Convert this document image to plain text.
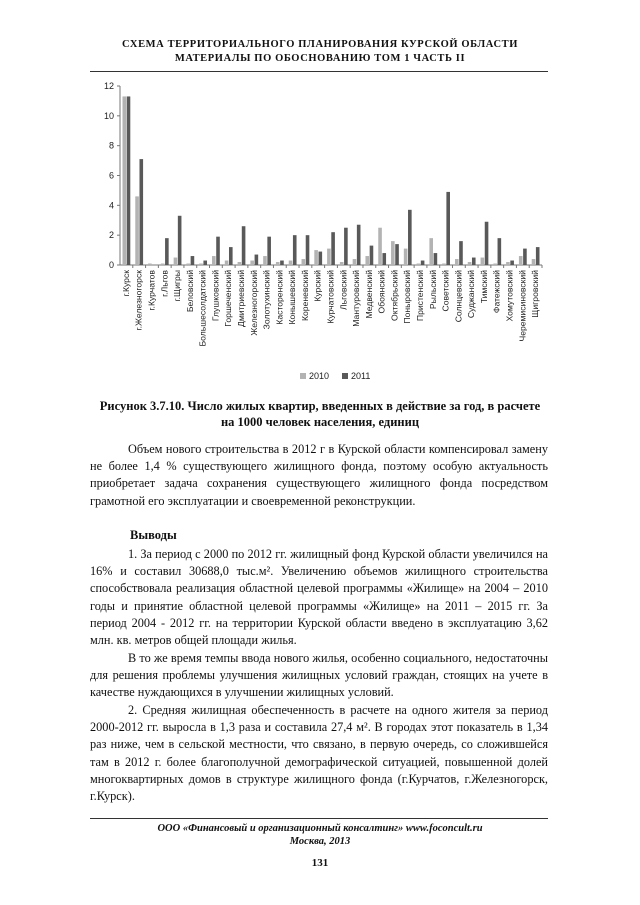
СХЕМА ТЕРРИТОРИАЛЬНОГО ПЛАНИРОВАНИЯ КУРСКОЙ ОБЛАСТИ
МАТЕРИАЛЫ ПО ОБОСНОВАНИЮ ТОМ 1 ЧАСТЬ II
0
2
4
6
8
10
12
г.Курск г.Железногорск г.Курчатов г.Льгов г.Щигры Беловский Большесолдатский Глушковский Горшеченский Дмитриевский Железногорский Золотухинский Касторенский Конышевский Кореневский Курский Курчатовский Льговский Мантуровский Медвенский Обоянский Октябрьский Поныровский Пристенский Рыльский Советский Солнцевский Суджанский Тимский Фатежский Хомутовский Черемисиновский Щигровский
2010 2011
Рисунок 3.7.10. Число жилых квартир, введенных в действие за год, в расчете
на 1000 человек населения, единиц

Объем нового строительства в 2012 г в Курской области компенсировал замену не более 1,4 % существующего жилищного фонда, поэтому особую актуальность приобретает задача сохранения существующего жилищного фонда посредством грамотной его эксплуатации и своевременной реконструкции.

Выводы

1. За период с 2000 по 2012 гг. жилищный фонд Курской области увеличился на 16% и составил 30688,0 тыс.м². Увеличению объемов жилищного строительства способствовала реализация областной целевой программы «Жилище» на 2004 – 2010 годы и принятие областной целевой программы «Жилище» на 2011 – 2015 гг. За период 2004 - 2012 гг. на территории Курской области введено в эксплуатацию 3,62 млн. кв. метров общей площади жилья.

В то же время темпы ввода нового жилья, особенно социального, недостаточны для решения проблемы улучшения жилищных условий граждан, стоящих на учете в качестве нуждающихся в улучшении жилищных условий.

2. Средняя жилищная обеспеченность в расчете на одного жителя за период 2000-2012 гг. выросла в 1,3 раза и составила 27,4 м². В городах этот показатель в 1,34 раз ниже, чем в сельской местности, что связано, в первую очередь, со сложившейся там в 2012 г. более благополучной демографической ситуацией, повышенной долей многоквартирных домов в структуре жилищного фонда (г.Курчатов, г.Железногорск, г.Курск).

ООО «Финансовый и организационный консалтинг» www.foconcult.ru
Москва, 2013
131
